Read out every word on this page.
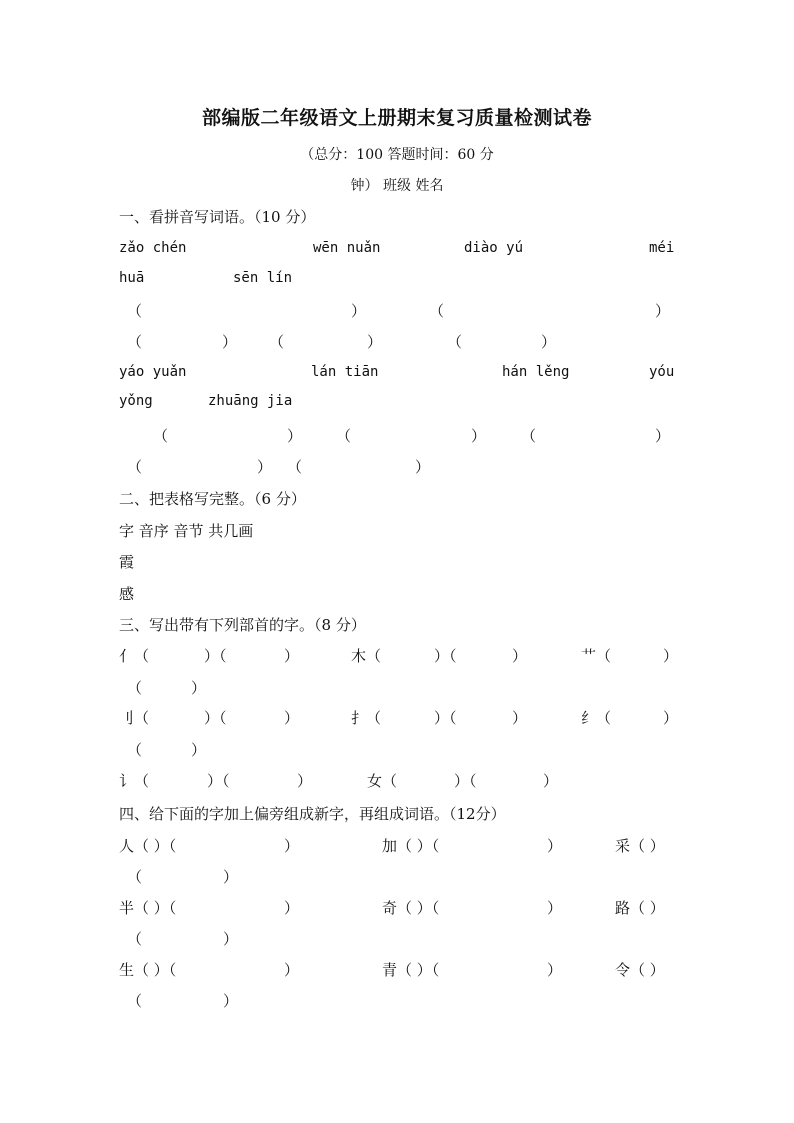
部编版二年级语文上册期末复习质量检测试卷
（总分：100 答题时间：60 分
钟） 班级 姓名
一、看拼音写词语。（10 分）
zǎo chén	wēn nuǎn	diào yú	méi
huā	sēn lín
（	）	（	）
（	） （	）	（	）
yáo yuǎn	lán tiān	hán lěng	yóu
yǒng	zhuāng jia
（	） （	） （	）
（	） （	）
二、把表格写完整。（6 分）
字 音序 音节 共几画
霞
感
三、写出带有下列部首的字。（8 分）
亻（	）（	）	木（	）（	）	艹（	）
（	）
刂（	）（	）	扌（	）（	）	纟（	）
（	）
讠（	）（	）	女（	）（	）
四、给下面的字加上偏旁组成新字，再组成词语。（12分）
人（ ）（	）	加（ ）（	）	采（ ）
（	）
半（ ）（	）	奇（ ）（	）	路（ ）
（	）
生（ ）（	）	青（ ）（	）	令（ ）
（	）
